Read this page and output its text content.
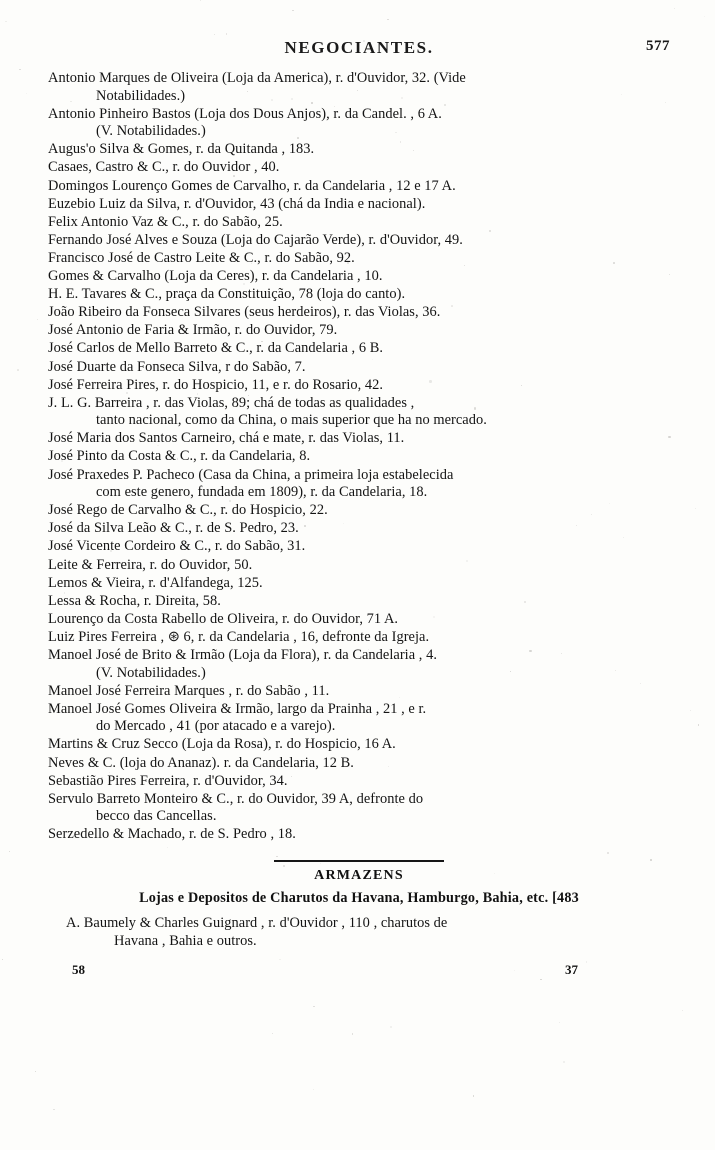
NEGOCIANTES.	577
Antonio Marques de Oliveira (Loja da America), r. d'Ouvidor, 32. (Vide
Notabilidades.)
Antonio Pinheiro Bastos (Loja dos Dous Anjos), r. da Candel. , 6 A.
(V. Notabilidades.)
Augus'o Silva & Gomes, r. da Quitanda , 183.
Casaes, Castro & C., r. do Ouvidor , 40.
Domingos Lourenço Gomes de Carvalho, r. da Candelaria , 12 e 17 A.
Euzebio Luiz da Silva, r. d'Ouvidor, 43 (chá da India e nacional).
Felix Antonio Vaz & C., r. do Sabão, 25.
Fernando José Alves e Souza (Loja do Cajarão Verde), r. d'Ouvidor, 49.
Francisco José de Castro Leite & C., r. do Sabão, 92.
Gomes & Carvalho (Loja da Ceres), r. da Candelaria , 10.
H. E. Tavares & C., praça da Constituição, 78 (loja do canto).
João Ribeiro da Fonseca Silvares (seus herdeiros), r. das Violas, 36.
José Antonio de Faria & Irmão, r. do Ouvidor, 79.
José Carlos de Mello Barreto & C., r. da Candelaria , 6 B.
José Duarte da Fonseca Silva, r do Sabão, 7.
José Ferreira Pires, r. do Hospicio, 11, e r. do Rosario, 42.
J. L. G. Barreira , r. das Violas, 89; chá de todas as qualidades ,
tanto nacional, como da China, o mais superior que ha no mercado.
José Maria dos Santos Carneiro, chá e mate, r. das Violas, 11.
José Pinto da Costa & C., r. da Candelaria, 8.
José Praxedes P. Pacheco (Casa da China, a primeira loja estabelecida
com este genero, fundada em 1809), r. da Candelaria, 18.
José Rego de Carvalho & C., r. do Hospicio, 22.
José da Silva Leão & C., r. de S. Pedro, 23.
José Vicente Cordeiro & C., r. do Sabão, 31.
Leite & Ferreira, r. do Ouvidor, 50.
Lemos & Vieira, r. d'Alfandega, 125.
Lessa & Rocha, r. Direita, 58.
Lourenço da Costa Rabello de Oliveira, r. do Ouvidor, 71 A.
Luiz Pires Ferreira , ⊛ 6, r. da Candelaria , 16, defronte da Igreja.
Manoel José de Brito & Irmão (Loja da Flora), r. da Candelaria , 4.
(V. Notabilidades.)
Manoel José Ferreira Marques , r. do Sabão , 11.
Manoel José Gomes Oliveira & Irmão, largo da Prainha , 21 , e r.
do Mercado , 41 (por atacado e a varejo).
Martins & Cruz Secco (Loja da Rosa), r. do Hospicio, 16 A.
Neves & C. (loja do Ananaz). r. da Candelaria, 12 B.
Sebastião Pires Ferreira, r. d'Ouvidor, 34.
Servulo Barreto Monteiro & C., r. do Ouvidor, 39 A, defronte do
becco das Cancellas.
Serzedello & Machado, r. de S. Pedro , 18.
ARMAZENS
Lojas e Depositos de Charutos da Havana, Hamburgo, Bahia, etc. [483
A. Baumely & Charles Guignard , r. d'Ouvidor , 110 , charutos de
Havana , Bahia e outros.
58	37
